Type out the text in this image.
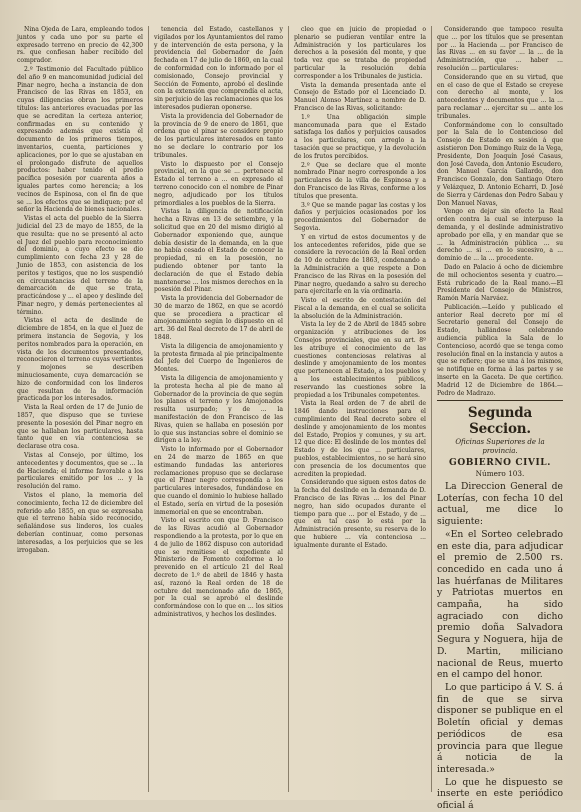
Nina Ojeda de Lara, empleando todos juntos y cada uno por su parte el expresado terreno en precio de 42,300 rs. que confiesan haber recibido del comprador.

2.º Testimonio del Facultado público del año 9 en mancomunidad judicial del Pinar negro, hecha a instancia de don Francisco de las Rivas en 1853, en cuyas diligencias obran los primeros títulos: las anteriores evacuadas por las que se acreditan la certeza anterior, confirmadas en su contenido y expresando además que existía el documento de los primeros tiempos, inventarios, cuenta, particiones y aplicaciones, por lo que se ajustaban en el prolongado disfrute de aquellos productos: haber tenido el predio pacífica posesión por cuarenta años a iguales partes como herencia; a los vecinos de Espinosa, con el fin de que se ... los efectos que se indiquen; por el señor la Hacienda de bienes nacionales.

Vistas el acta del pueblo de la Sierra judicial del 23 de mayo de 1855, de la que resulta: que no se presentó al acto el Juez del pueblo para reconocimiento del dominio, a cuyo efecto se dio cumplimiento con fecha 23 y 28 de Junio de 1853, con asistencia de los peritos y testigos, que no los suspendió en circunstancias del terreno de la demarcación de que se trata, practicándose y ... el apeo y deslinde del Pinar negro, y demás pertenecientes al término.

Vistas el acta de deslinde de diciembre de 1854, en la que el Juez de primera instancia de Segovia, y los peritos nombrados para la operación, en vista de los documentos presentados, reconocieron el terreno cuyas vertientes y mojones se describen minuciosamente, cuya demarcación se hizo de conformidad con los linderos que resultan de la información practicada por los interesados.

Vista la Real orden de 17 de Junio de 1857, que dispuso que se tuviese presente la posesión del Pinar negro en que se hallaban los particulares, hasta tanto que en vía contenciosa se declarase otra cosa.

Vistas al Consejo, por último, los antecedentes y documentos, que se ... la de Hacienda; el informe favorable a los particulares emitido por los ... y la resolución del ramo.

Vistos el plano, la memoria del conocimiento, fecha 12 de diciembre del referido año 1855, en que se expresaba que el terreno había sido reconocido, señalándose sus linderos, los cuales deberían continuar, como personas interesadas, a los perjuicios que se les irrogaban.

tenencia del Estado, castellanos y vigilados por los Ayuntamientos del ramo y de intervención de esta persona, y la providencia del Gobernador de Jaén fechada en 17 de julio de 1860, en la cual de conformidad con lo informado por el comisionado, Consejo provincial y Sección de Fomento, aprobó el deslinde con la extensión que comprendía el acta, sin perjuicio de las reclamaciones que los interesados pudieran oponerse.

Vista la providencia del Gobernador de la provincia de 9 de enero de 1861, que ordena que el pinar se considere propio de los particulares interesados en tanto no se declare lo contrario por los tribunales.

Visto lo dispuesto por el Consejo provincial, en la que se ... pertenece al Estado el terreno a ... en expresado el terreno conocido con el nombre de Pinar negro, adjudicado por los títulos primordiales a los pueblos de la Sierra.

Vistas la diligencia de notificación hecha a Rivas en 13 de setiembre, y la solicitud que en 20 del mismo dirigió al Gobernador exponiendo que, aunque debía desistir de la demanda, en la que no había cesado el Estado de conocer la propiedad, ni en la posesión, no pudiendo obtener por tanto la declaración de que el Estado debía mantenerse ... los mismos derechos en la posesión del Pinar.

Vista la providencia del Gobernador de 30 de marzo de 1862, en que se acordó que se procediera a practicar el amojonamiento según lo dispuesto en el art. 36 del Real decreto de 17 de abril de 1848.

Vista la diligencia de amojonamiento y la protesta firmada al pie principalmente del Jefe del Cuerpo de Ingenieros de Montes.

Vista la diligencia de amojonamiento y la protesta hecha al pie de mano al Gobernador de la provincia de que según los planos el terreno y los Amojonados resulta usurpado; y de ... la manifestación de don Francisco de las Rivas, quien se hallaba en posesión por lo que sus instancias sobre el dominio se dirigen a la ley.

Visto lo informado por el Gobernador en 24 de marzo de 1865 en que estimando fundadas las anteriores reclamaciones propuso que se declarase que el Pinar negro correspondía a los particulares interesados, fundándose en que cuando el dominio lo hubiese hallado el Estado, sería en virtud de la posesión inmemorial en que se encontraban.

Visto el escrito con que D. Francisco de las Rivas acudió al Gobernador respondiendo a la protesta, por lo que en 4 de julio de 1862 dispuso con autoridad que se remitiese el expediente al Ministerio de Fomento conforme a lo prevenido en el artículo 21 del Real decreto de 1.º de abril de 1846 y hasta así, razonó la Real orden de 18 de octubre del mencionado año de 1865, por la cual se aprobó el deslinde conformándose con lo que en ... los sitios administrativos, y hechos los deslindes.

cleo que en juicio de propiedad o plenario se pudieran ventilar entre la Administración y los particulares los derechos a la posesión del monte, y que toda vez que se trataba de propiedad particular la resolución debía corresponder a los Tribunales de justicia.

Vista la demanda presentada ante el Consejo de Estado por el Licenciado D. Manuel Alonso Martínez a nombre de D. Francisco de las Rivas, solicitando:

1.º Una obligación simple mancomunada para que el Estado satisfaga los daños y perjuicios causados a los particulares, con arreglo a la tasación que se practique, y la devolución de los frutos percibidos.

2.º Que se declare que el monte nombrado Pinar negro corresponde a los particulares de la villa de Espinosa y a don Francisco de las Rivas, conforme a los títulos que presenta.

3.º Que se mande pagar las costas y los daños y perjuicios ocasionados por los procedimientos del Gobernador de Segovia.

Y en virtud de estos documentos y de los antecedentes referidos, pide que se considere la revocación de la Real orden de 10 de octubre de 1863, condenando a la Administración a que respete a Don Francisco de las Rivas en la posesión del Pinar negro, quedando a salvo su derecho para ejercitarle en la vía ordinaria.

Visto el escrito de contestación del Fiscal a la demanda, en el cual se solicita la absolución de la Administración.

Vista la ley de 2 de Abril de 1845 sobre organización y atribuciones de los Consejos provinciales, que en su art. 8º les atribuye el conocimiento de las cuestiones contenciosas relativas al deslinde y amojonamiento de los montes que pertenecen al Estado, a los pueblos y a los establecimientos públicos, reservando las cuestiones sobre la propiedad a los Tribunales competentes.

Vista la Real orden de 7 de abril de 1846 dando instrucciones para el cumplimiento del Real decreto sobre el deslinde y amojonamiento de los montes del Estado, Propios y comunes, y su art. 12 que dice: El deslinde de los montes del Estado y de los que ... particulares, pueblos, establecimientos, no se hará sino con presencia de los documentos que acrediten la propiedad.

Considerando que siguen estos datos de la fecha del deslinde en la demanda de D. Francisco de las Rivas ... los del Pinar negro, han sido ocupados durante el tiempo para que ... por el Estado, y de ... que en tal caso lo está por la Administración presente, su reserva de lo que hubiere ... vía contenciosa ... igualmente durante el Estado.

Considerando que tampoco resulta que ... por los títulos que se presentan por ... la Hacienda ... por Francisco de las Rivas ... en su favor ... la ... de la Administración, que ... haber ... resolución ... particulares:

Considerando que en su virtud, que en el caso de que el Estado se creyese con derecho al monte, y los antecedentes y documentos que ... la ... para reclamar ... ejercitar su ... ante los tribunales.

Conformándome con lo consultado por la Sala de lo Contencioso del Consejo de Estado en sesión á que asistieron Don Domingo Ruiz de la Vega, Presidente, Don Joaquín José Casaus, don José Caveda, don Antonio Escudero, don Manuel García Gallardo, don Francisco Gonzalo, don Santiago Otero y Velázquez, D. Antonio Echarri, D. José de Sierra y Cárdenas don Pedro Sabau y Don Manuel Navas,

Vengo en dejar sin efecto la Real orden contra la cual se interpuso la demanda, y el deslinde administrativo aprobado por ella, y en mandar que se ... la Administración pública ... su derecho ... si ... en lo sucesivo, a ... dominio de ... la ... procedente.

Dado en Palacio á ocho de diciembre de mil ochocientos sesenta y cuatro.—Está rubricado de la Real mano.—El Presidente del Consejo de Ministros, Ramón María Narváez.

Publicación.—Leído y publicado el anterior Real decreto por mí el Secretario general del Consejo de Estado, hallándose celebrando audiencia pública la Sala de lo Contencioso, acordó que se tenga como resolución final en la instancia y autos a que se refiere; que se una á los mismos, se notifique en forma á las partes y se inserte en la Gaceta. De que certifico. Madrid 12 de Diciembre de 1864.—Pedro de Madrazo.

Segunda Seccion.
Oficinas Superiores de la provincia.
GOBIERNO CIVIL.
Número 103.

La Direccion General de Loterías, con fecha 10 del actual, me dice lo siguiente:

«En el Sorteo celebrado en este dia, para adjudicar el premio de 2.500 rs. concedido en cada uno á las huérfanas de Militares y Patriotas muertos en campaña, ha sido agraciado con dicho premio doña Salvadora Segura y Noguera, hija de D. Martin, miliciano nacional de Reus, muerto en el campo del honor.

Lo que participo á V. S. á fin de que se sirva disponer se publique en el Boletín oficial y demas periódicos de esa provincia para que llegue á noticia de la interesada.»

Lo que he dispuesto se inserte en este periódico oficial á
